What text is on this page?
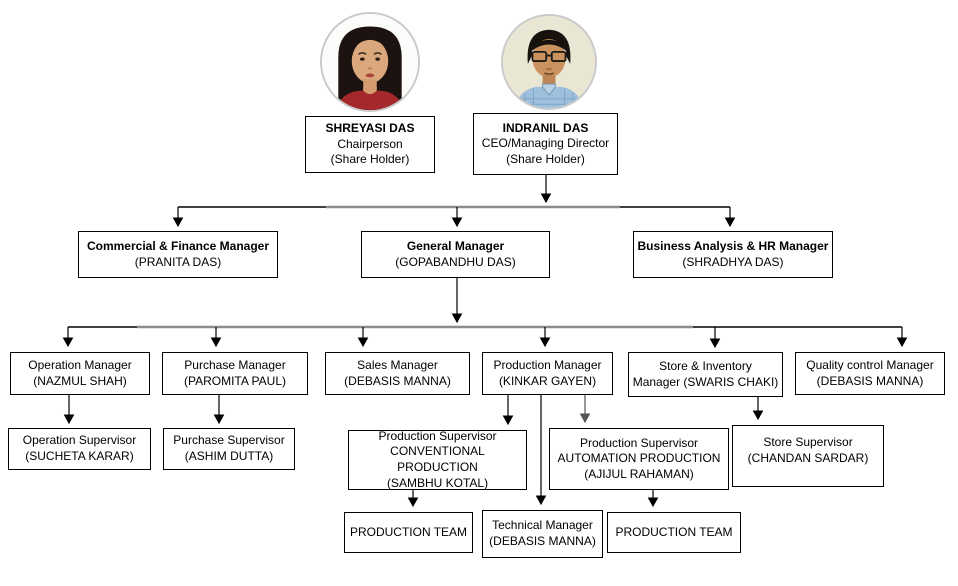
SHREYASI DAS
Chairperson
(Share Holder)
INDRANIL DAS
CEO/Managing Director
(Share Holder)
Commercial & Finance Manager
(PRANITA DAS)
General Manager
(GOPABANDHU DAS)
Business Analysis & HR Manager
(SHRADHYA DAS)
Operation Manager
(NAZMUL SHAH)
Purchase Manager
(PAROMITA PAUL)
Sales Manager
(DEBASIS MANNA)
Production Manager
(KINKAR GAYEN)
Store & Inventory
Manager (SWARIS CHAKI)
Quality control Manager
(DEBASIS MANNA)
Operation Supervisor
(SUCHETA KARAR)
Purchase Supervisor
(ASHIM DUTTA)
Production Supervisor
CONVENTIONAL PRODUCTION
(SAMBHU KOTAL)
Production Supervisor
AUTOMATION PRODUCTION
(AJIJUL RAHAMAN)
Store Supervisor
(CHANDAN SARDAR)
PRODUCTION TEAM Technical Manager
(DEBASIS MANNA)
PRODUCTION TEAM
